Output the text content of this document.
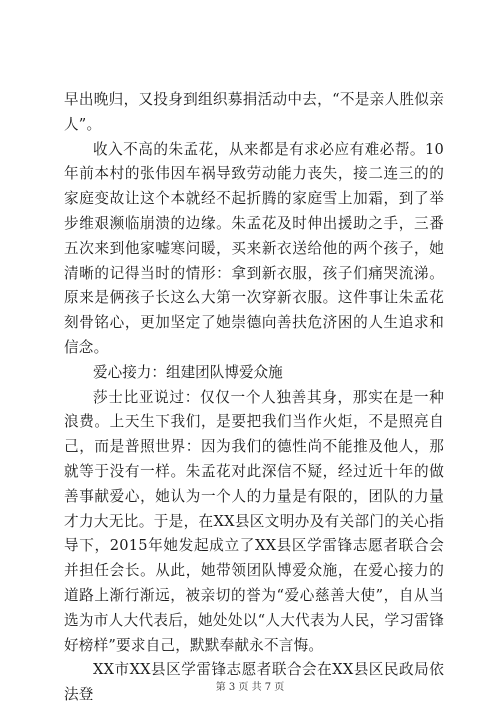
早出晚归，又投身到组织募捐活动中去，“不是亲人胜似亲人”。

收入不高的朱孟花，从来都是有求必应有难必帮。10年前本村的张伟因车祸导致劳动能力丧失，接二连三的的家庭变故让这个本就经不起折腾的家庭雪上加霜，到了举步维艰濒临崩溃的边缘。朱孟花及时伸出援助之手，三番五次来到他家嘘寒问暖，买来新衣送给他的两个孩子，她清晰的记得当时的情形：拿到新衣服，孩子们痛哭流涕。原来是俩孩子长这么大第一次穿新衣服。这件事让朱孟花刻骨铭心，更加坚定了她崇德向善扶危济困的人生追求和信念。

爱心接力：组建团队博爱众施

莎士比亚说过：仅仅一个人独善其身，那实在是一种浪费。上天生下我们，是要把我们当作火炬，不是照亮自己，而是普照世界：因为我们的德性尚不能推及他人，那就等于没有一样。朱孟花对此深信不疑，经过近十年的做善事献爱心，她认为一个人的力量是有限的，团队的力量才力大无比。于是，在XX县区文明办及有关部门的关心指导下，2015年她发起成立了XX县区学雷锋志愿者联合会并担任会长。从此，她带领团队博爱众施，在爱心接力的道路上渐行渐远，被亲切的誉为“爱心慈善大使”，自从当选为市人大代表后，她处处以“人大代表为人民，学习雷锋好榜样”要求自己，默默奉献永不言悔。

XX市XX县区学雷锋志愿者联合会在XX县区民政局依法登	第 3 页 共 7 页
